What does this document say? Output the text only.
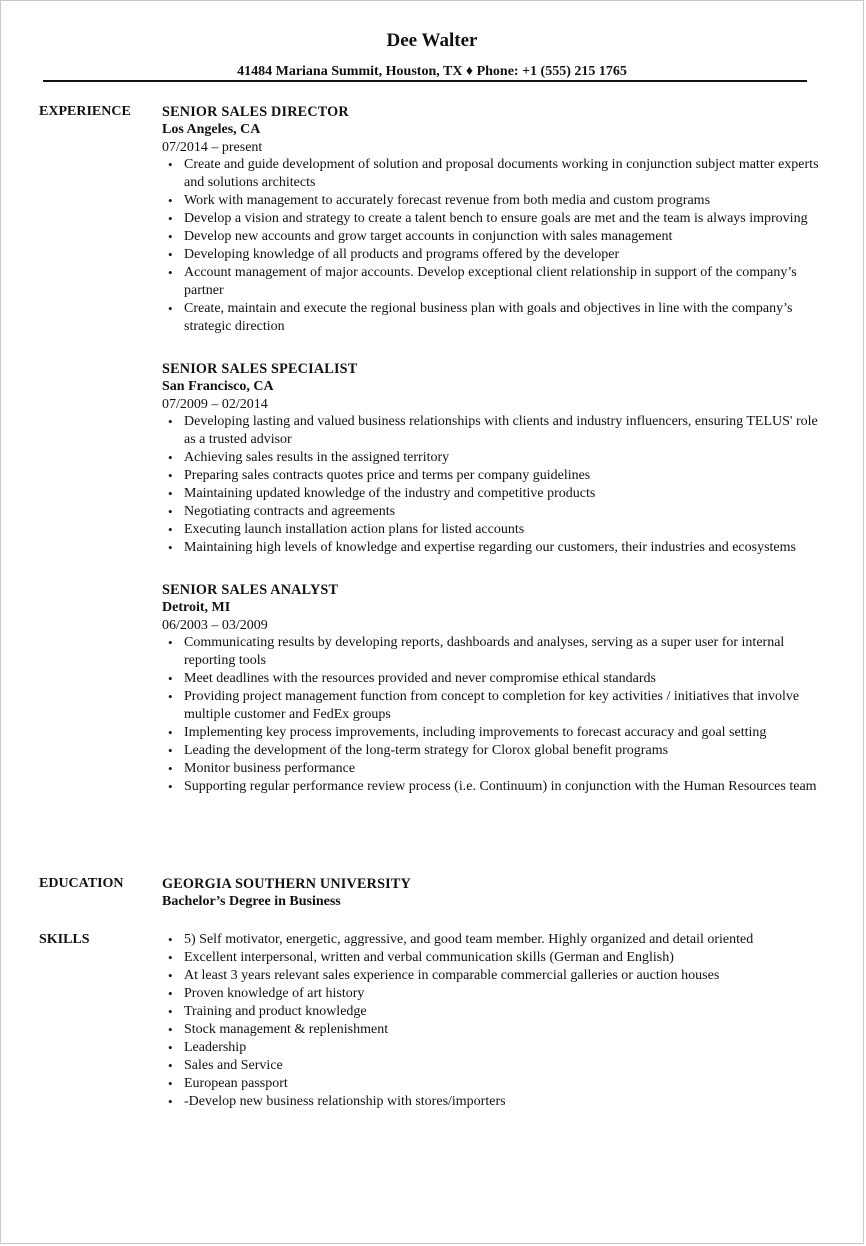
Dee Walter
41484 Mariana Summit, Houston, TX ♦ Phone: +1 (555) 215 1765
EXPERIENCE SENIOR SALES DIRECTOR
Los Angeles, CA
07/2014 – present
• Create and guide development of solution and proposal documents working in conjunction subject matter experts and solutions architects
• Work with management to accurately forecast revenue from both media and custom programs
• Develop a vision and strategy to create a talent bench to ensure goals are met and the team is always improving
• Develop new accounts and grow target accounts in conjunction with sales management
• Developing knowledge of all products and programs offered by the developer
• Account management of major accounts. Develop exceptional client relationship in support of the company’s partner
• Create, maintain and execute the regional business plan with goals and objectives in line with the company’s strategic direction
SENIOR SALES SPECIALIST
San Francisco, CA
07/2009 – 02/2014
• Developing lasting and valued business relationships with clients and industry influencers, ensuring TELUS' role as a trusted advisor
• Achieving sales results in the assigned territory
• Preparing sales contracts quotes price and terms per company guidelines
• Maintaining updated knowledge of the industry and competitive products
• Negotiating contracts and agreements
• Executing launch installation action plans for listed accounts
• Maintaining high levels of knowledge and expertise regarding our customers, their industries and ecosystems
SENIOR SALES ANALYST
Detroit, MI
06/2003 – 03/2009
• Communicating results by developing reports, dashboards and analyses, serving as a super user for internal reporting tools
• Meet deadlines with the resources provided and never compromise ethical standards
• Providing project management function from concept to completion for key activities / initiatives that involve multiple customer and FedEx groups
• Implementing key process improvements, including improvements to forecast accuracy and goal setting
• Leading the development of the long-term strategy for Clorox global benefit programs
• Monitor business performance
• Supporting regular performance review process (i.e. Continuum) in conjunction with the Human Resources team
EDUCATION	GEORGIA SOUTHERN UNIVERSITY
Bachelor’s Degree in Business
SKILLS
•	5) Self motivator, energetic, aggressive, and good team member. Highly organized and detail oriented
• Excellent interpersonal, written and verbal communication skills (German and English)
• At least 3 years relevant sales experience in comparable commercial galleries or auction houses
• Proven knowledge of art history
• Training and product knowledge
• Stock management & replenishment
• Leadership
• Sales and Service
• European passport
• -Develop new business relationship with stores/importers
